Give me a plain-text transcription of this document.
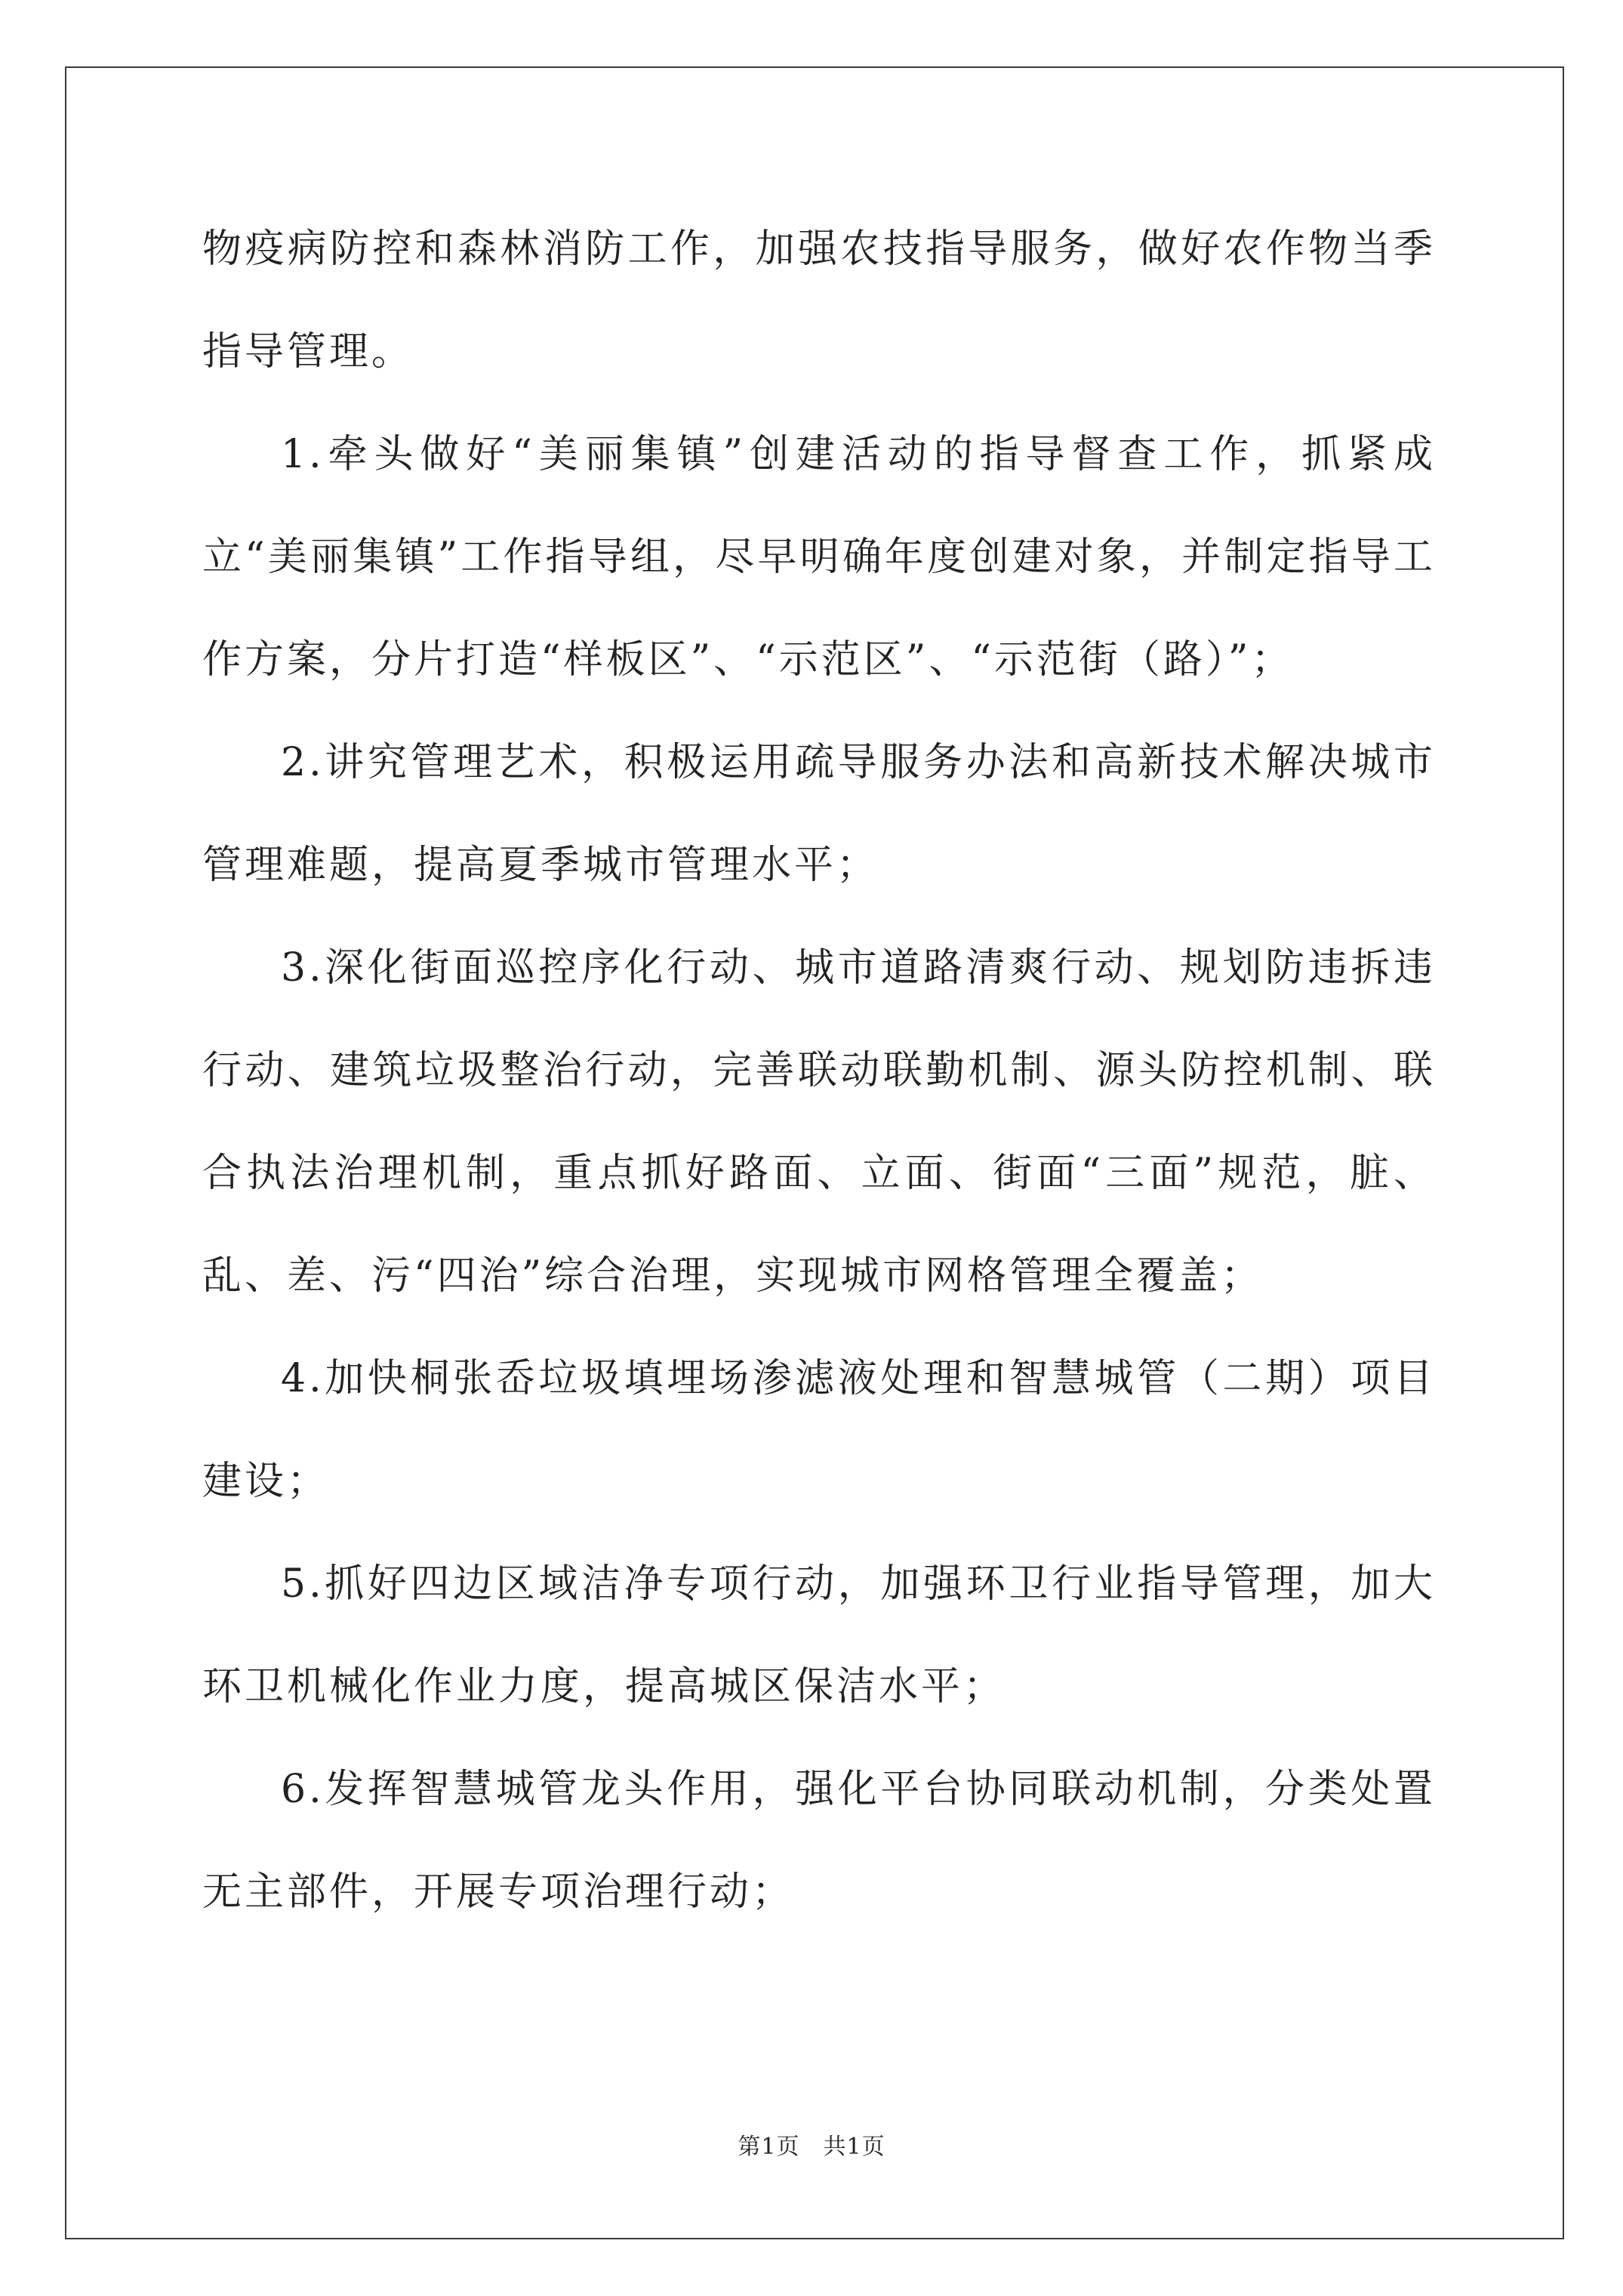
物疫病防控和森林消防工作，加强农技指导服务，做好农作物当季指导管理。

1.牵头做好“美丽集镇”创建活动的指导督查工作，抓紧成立“美丽集镇”工作指导组，尽早明确年度创建对象，并制定指导工作方案，分片打造“样板区”、“示范区”、“示范街（路）”；

2.讲究管理艺术，积极运用疏导服务办法和高新技术解决城市管理难题，提高夏季城市管理水平；

3.深化街面巡控序化行动、城市道路清爽行动、规划防违拆违行动、建筑垃圾整治行动，完善联动联勤机制、源头防控机制、联合执法治理机制，重点抓好路面、立面、街面“三面”规范，脏、乱、差、污“四治”综合治理，实现城市网格管理全覆盖；

4.加快桐张岙垃圾填埋场渗滤液处理和智慧城管（二期）项目建设；

5.抓好四边区域洁净专项行动，加强环卫行业指导管理，加大环卫机械化作业力度，提高城区保洁水平；

6.发挥智慧城管龙头作用，强化平台协同联动机制，分类处置无主部件，开展专项治理行动；

第1页　共1页
